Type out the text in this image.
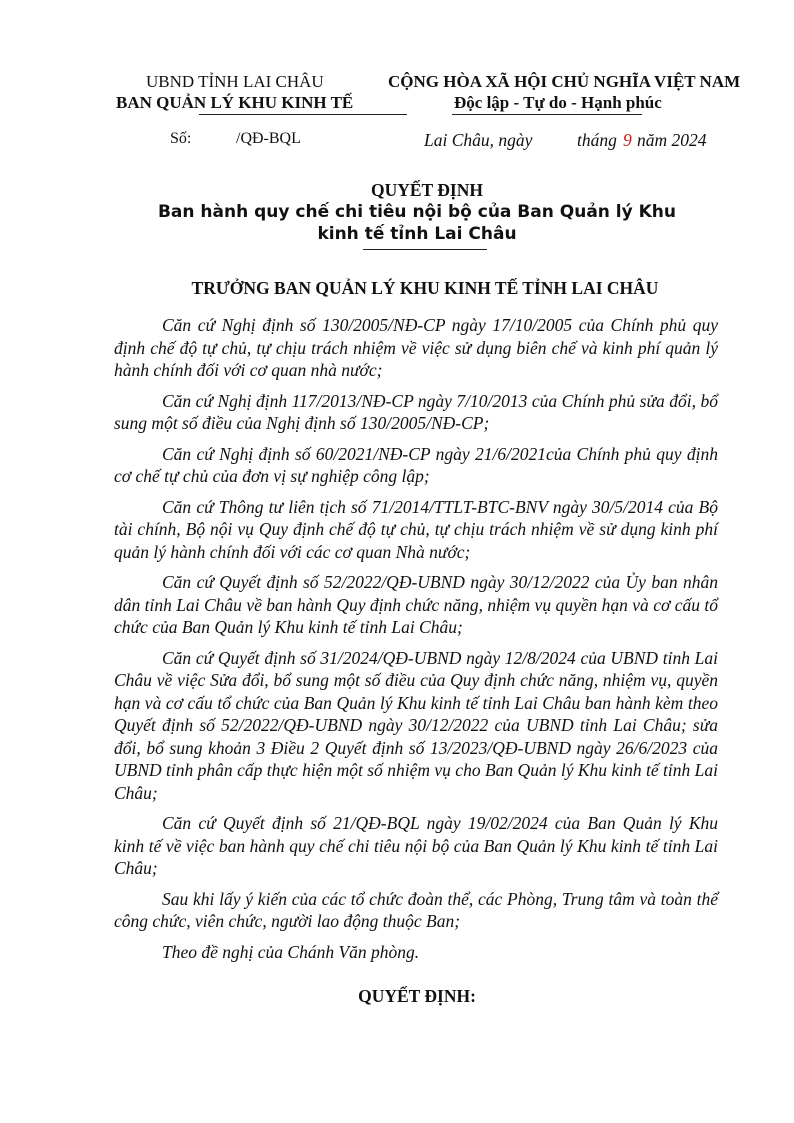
UBND TỈNH LAI CHÂU
BAN QUẢN LÝ KHU KINH TẾ
CỘNG HÒA XÃ HỘI CHỦ NGHĨA VIỆT NAM
Độc lập - Tự do - Hạnh phúc
Số:	/QĐ-BQL	Lai Châu, ngày	tháng 9 năm 2024
QUYẾT ĐỊNH
Ban hành quy chế chi tiêu nội bộ của Ban Quản lý Khu
kinh tế tỉnh Lai Châu
TRƯỞNG BAN QUẢN LÝ KHU KINH TẾ TỈNH LAI CHÂU

Căn cứ Nghị định số 130/2005/NĐ-CP ngày 17/10/2005 của Chính phủ quy định chế độ tự chủ, tự chịu trách nhiệm về việc sử dụng biên chế và kinh phí quản lý hành chính đối với cơ quan nhà nước;

Căn cứ Nghị định 117/2013/NĐ-CP ngày 7/10/2013 của Chính phủ sửa đổi, bổ sung một số điều của Nghị định số 130/2005/NĐ-CP;

Căn cứ Nghị định số 60/2021/NĐ-CP ngày 21/6/2021của Chính phủ quy định cơ chế tự chủ của đơn vị sự nghiệp công lập;

Căn cứ Thông tư liên tịch số 71/2014/TTLT-BTC-BNV ngày 30/5/2014 của Bộ tài chính, Bộ nội vụ Quy định chế độ tự chủ, tự chịu trách nhiệm về sử dụng kinh phí quản lý hành chính đối với các cơ quan Nhà nước;

Căn cứ Quyết định số 52/2022/QĐ-UBND ngày 30/12/2022 của Ủy ban nhân dân tỉnh Lai Châu về ban hành Quy định chức năng, nhiệm vụ quyền hạn và cơ cấu tổ chức của Ban Quản lý Khu kinh tế tỉnh Lai Châu;

Căn cứ Quyết định số 31/2024/QĐ-UBND ngày 12/8/2024 của UBND tỉnh Lai Châu về việc Sửa đổi, bổ sung một số điều của Quy định chức năng, nhiệm vụ, quyền hạn và cơ cấu tổ chức của Ban Quản lý Khu kinh tế tỉnh Lai Châu ban hành kèm theo Quyết định số 52/2022/QĐ-UBND ngày 30/12/2022 của UBND tỉnh Lai Châu; sửa đổi, bổ sung khoản 3 Điều 2 Quyết định số 13/2023/QĐ-UBND ngày 26/6/2023 của UBND tỉnh phân cấp thực hiện một số nhiệm vụ cho Ban Quản lý Khu kinh tế tỉnh Lai Châu;

Căn cứ Quyết định số 21/QĐ-BQL ngày 19/02/2024 của Ban Quản lý Khu kinh tế về việc ban hành quy chế chi tiêu nội bộ của Ban Quản lý Khu kinh tế tỉnh Lai Châu;

Sau khi lấy ý kiến của các tổ chức đoàn thể, các Phòng, Trung tâm và toàn thể công chức, viên chức, người lao động thuộc Ban;

Theo đề nghị của Chánh Văn phòng.

QUYẾT ĐỊNH:
